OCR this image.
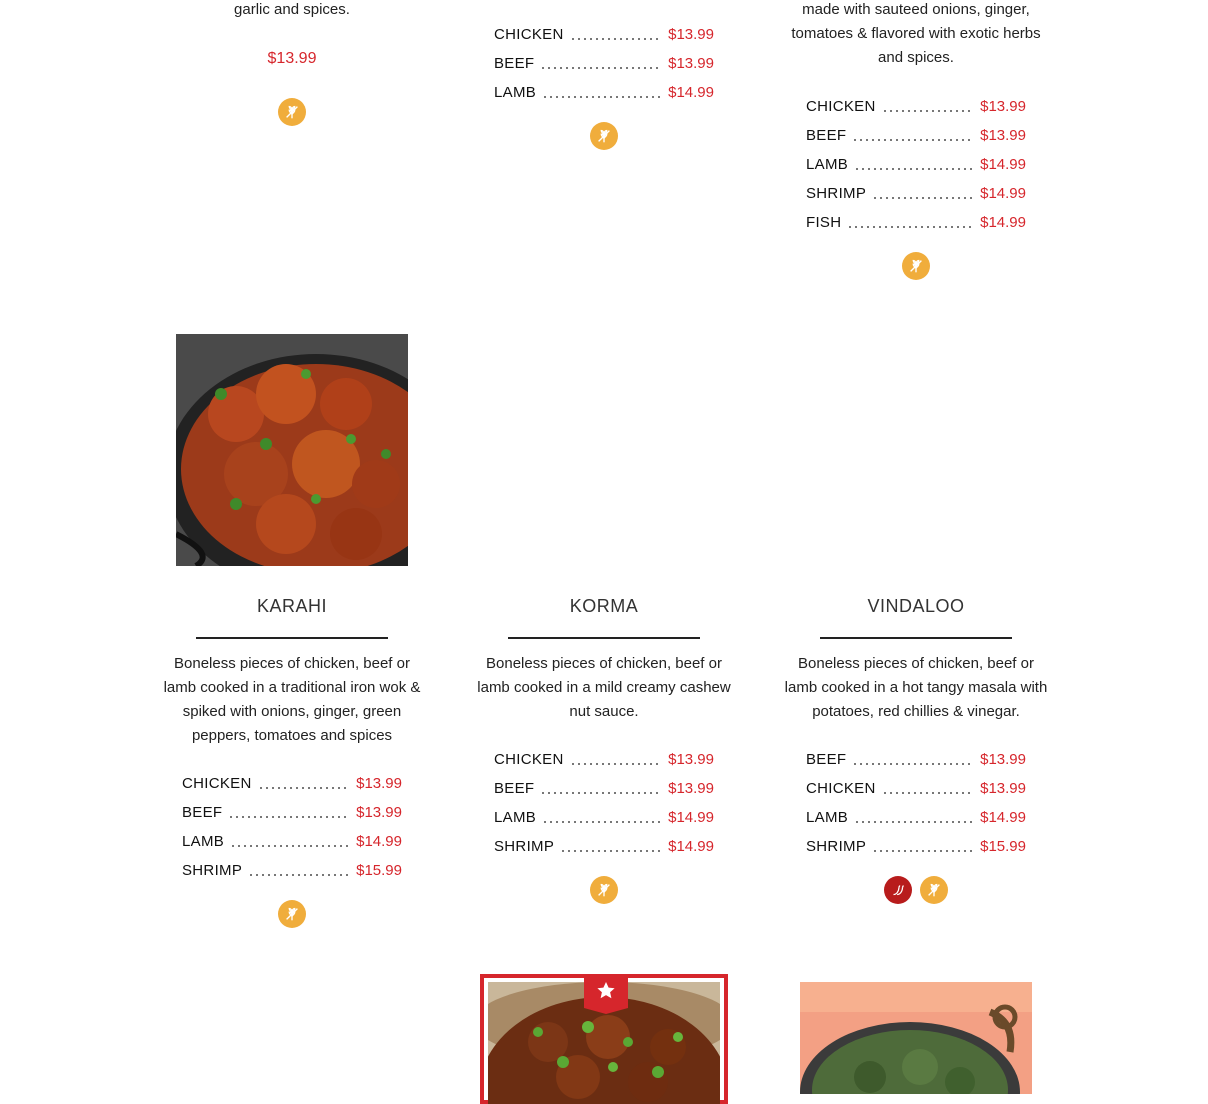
garlic and spices.
$13.99
CHICKEN	$13.99
BEEF	$13.99
LAMB	$14.99
made with sauteed onions, ginger,
tomatoes & flavored with exotic herbs
and spices.
CHICKEN	$13.99
BEEF	$13.99
LAMB	$14.99
SHRIMP	$14.99
FISH	$14.99
KARAHI
Boneless pieces of chicken, beef or
lamb cooked in a traditional iron wok &
spiked with onions, ginger, green
peppers, tomatoes and spices
CHICKEN	$13.99
BEEF	$13.99
LAMB	$14.99
SHRIMP	$15.99
KORMA
Boneless pieces of chicken, beef or
lamb cooked in a mild creamy cashew
nut sauce.
CHICKEN	$13.99
BEEF	$13.99
LAMB	$14.99
SHRIMP	$14.99
VINDALOO
Boneless pieces of chicken, beef or
lamb cooked in a hot tangy masala with
potatoes, red chillies & vinegar.
BEEF	$13.99
CHICKEN	$13.99
LAMB	$14.99
SHRIMP	$15.99
